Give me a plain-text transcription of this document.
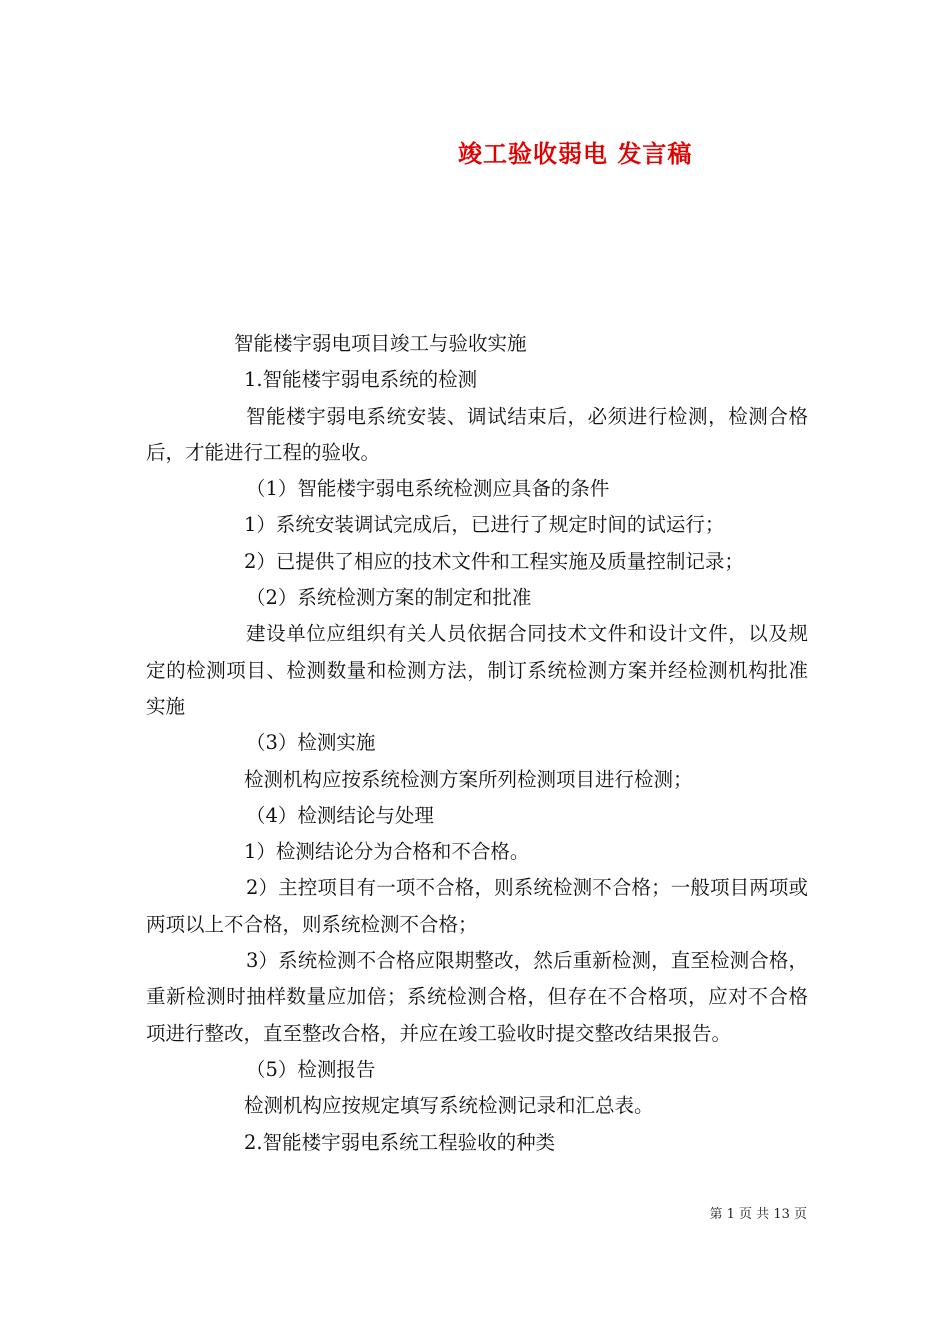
竣工验收弱电 发言稿

智能楼宇弱电项目竣工与验收实施

1.智能楼宇弱电系统的检测

智能楼宇弱电系统安装、调试结束后，必须进行检测，检测合格后，才能进行工程的验收。

（1）智能楼宇弱电系统检测应具备的条件

1）系统安装调试完成后，已进行了规定时间的试运行；

2）已提供了相应的技术文件和工程实施及质量控制记录；

（2）系统检测方案的制定和批准

建设单位应组织有关人员依据合同技术文件和设计文件，以及规定的检测项目、检测数量和检测方法，制订系统检测方案并经检测机构批准实施

（3）检测实施

检测机构应按系统检测方案所列检测项目进行检测；

（4）检测结论与处理

1）检测结论分为合格和不合格。

2）主控项目有一项不合格，则系统检测不合格；一般项目两项或两项以上不合格，则系统检测不合格；

3）系统检测不合格应限期整改，然后重新检测，直至检测合格，重新检测时抽样数量应加倍；系统检测合格，但存在不合格项，应对不合格项进行整改，直至整改合格，并应在竣工验收时提交整改结果报告。

（5）检测报告

检测机构应按规定填写系统检测记录和汇总表。

2.智能楼宇弱电系统工程验收的种类

第 1 页 共 13 页
